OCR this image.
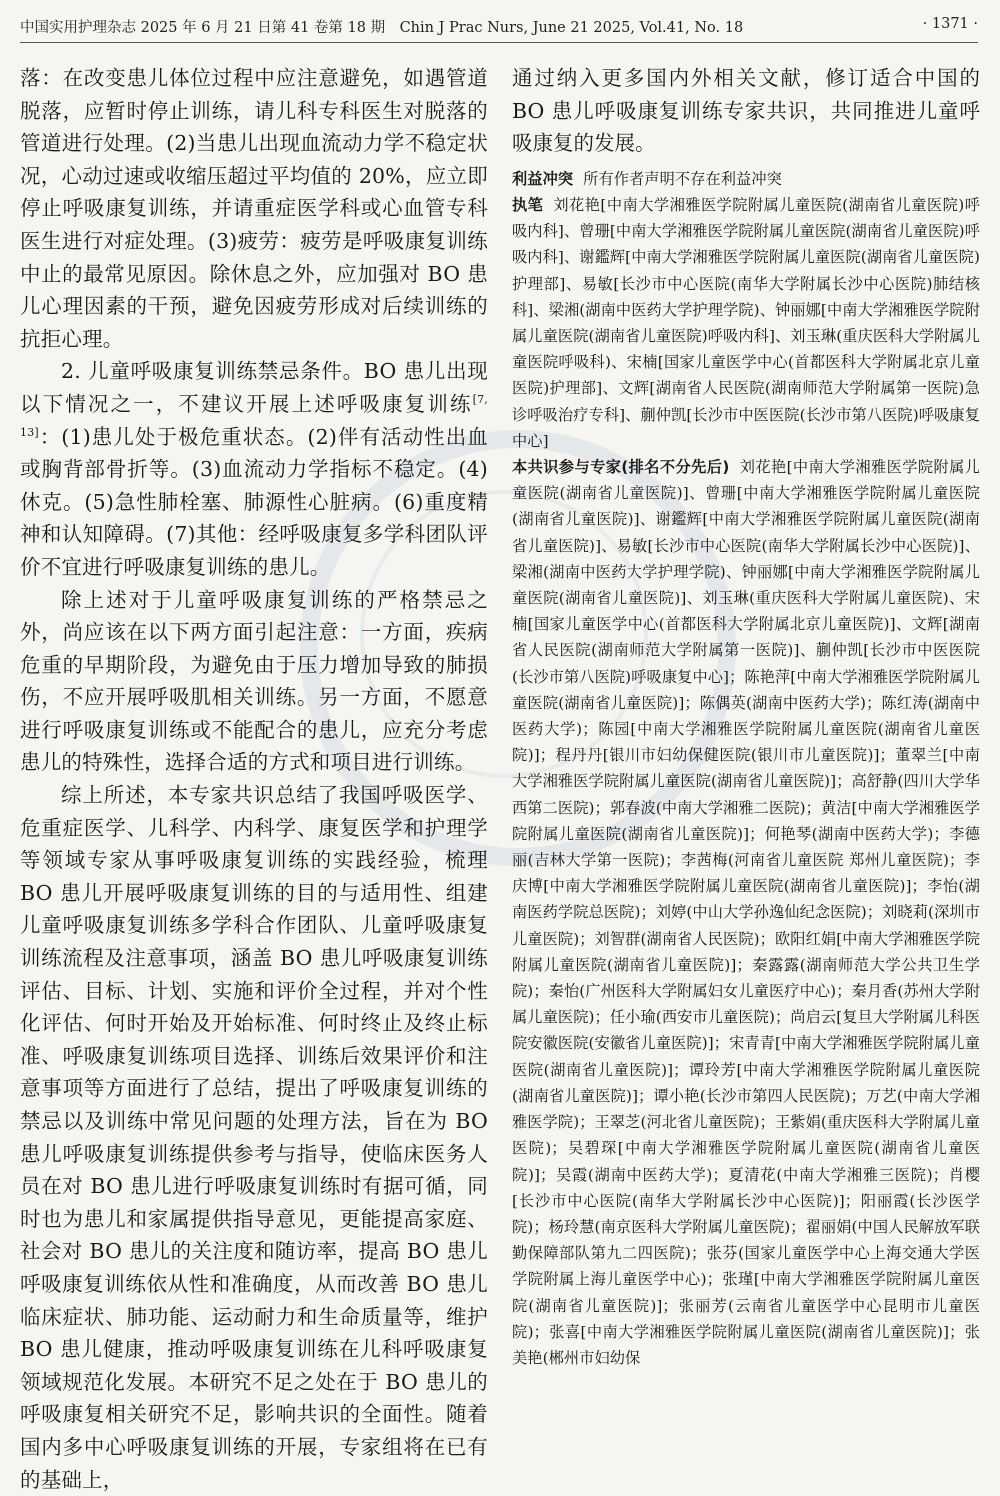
中国实用护理杂志 2025 年 6 月 21 日第 41 卷第 18 期　Chin J Prac Nurs, June 21 2025, Vol.41, No. 18	· 1371 ·

落：在改变患儿体位过程中应注意避免，如遇管道脱落，应暂时停止训练，请儿科专科医生对脱落的管道进行处理。(2)当患儿出现血流动力学不稳定状况，心动过速或收缩压超过平均值的 20%，应立即停止呼吸康复训练，并请重症医学科或心血管专科医生进行对症处理。(3)疲劳：疲劳是呼吸康复训练中止的最常见原因。除休息之外，应加强对 BO 患儿心理因素的干预，避免因疲劳形成对后续训练的抗拒心理。

2. 儿童呼吸康复训练禁忌条件。BO 患儿出现以下情况之一，不建议开展上述呼吸康复训练[7, 13]：(1)患儿处于极危重状态。(2)伴有活动性出血或胸背部骨折等。(3)血流动力学指标不稳定。(4)休克。(5)急性肺栓塞、肺源性心脏病。(6)重度精神和认知障碍。(7)其他：经呼吸康复多学科团队评价不宜进行呼吸康复训练的患儿。

除上述对于儿童呼吸康复训练的严格禁忌之外，尚应该在以下两方面引起注意：一方面，疾病危重的早期阶段，为避免由于压力增加导致的肺损伤，不应开展呼吸肌相关训练。另一方面，不愿意进行呼吸康复训练或不能配合的患儿，应充分考虑患儿的特殊性，选择合适的方式和项目进行训练。

综上所述，本专家共识总结了我国呼吸医学、危重症医学、儿科学、内科学、康复医学和护理学等领域专家从事呼吸康复训练的实践经验，梳理 BO 患儿开展呼吸康复训练的目的与适用性、组建儿童呼吸康复训练多学科合作团队、儿童呼吸康复训练流程及注意事项，涵盖 BO 患儿呼吸康复训练评估、目标、计划、实施和评价全过程，并对个性化评估、何时开始及开始标准、何时终止及终止标准、呼吸康复训练项目选择、训练后效果评价和注意事项等方面进行了总结，提出了呼吸康复训练的禁忌以及训练中常见问题的处理方法，旨在为 BO 患儿呼吸康复训练提供参考与指导，使临床医务人员在对 BO 患儿进行呼吸康复训练时有据可循，同时也为患儿和家属提供指导意见，更能提高家庭、社会对 BO 患儿的关注度和随访率，提高 BO 患儿呼吸康复训练依从性和准确度，从而改善 BO 患儿临床症状、肺功能、运动耐力和生命质量等，维护 BO 患儿健康，推动呼吸康复训练在儿科呼吸康复领域规范化发展。本研究不足之处在于 BO 患儿的呼吸康复相关研究不足，影响共识的全面性。随着国内多中心呼吸康复训练的开展，专家组将在已有的基础上，

通过纳入更多国内外相关文献，修订适合中国的 BO 患儿呼吸康复训练专家共识，共同推进儿童呼吸康复的发展。

利益冲突 所有作者声明不存在利益冲突

执笔 刘花艳[中南大学湘雅医学院附属儿童医院(湖南省儿童医院)呼吸内科]、曾珊[中南大学湘雅医学院附属儿童医院(湖南省儿童医院)呼吸内科]、谢鑑辉[中南大学湘雅医学院附属儿童医院(湖南省儿童医院)护理部]、易敏[长沙市中心医院(南华大学附属长沙中心医院)肺结核科]、梁湘(湖南中医药大学护理学院)、钟丽娜[中南大学湘雅医学院附属儿童医院(湖南省儿童医院)呼吸内科]、刘玉琳(重庆医科大学附属儿童医院呼吸科)、宋楠[国家儿童医学中心(首都医科大学附属北京儿童医院)护理部]、文辉[湖南省人民医院(湖南师范大学附属第一医院)急诊呼吸治疗专科]、蒯仲凯[长沙市中医医院(长沙市第八医院)呼吸康复中心]

本共识参与专家(排名不分先后) 刘花艳[中南大学湘雅医学院附属儿童医院(湖南省儿童医院)]、曾珊[中南大学湘雅医学院附属儿童医院(湖南省儿童医院)]、谢鑑辉[中南大学湘雅医学院附属儿童医院(湖南省儿童医院)]、易敏[长沙市中心医院(南华大学附属长沙中心医院)]、梁湘(湖南中医药大学护理学院)、钟丽娜[中南大学湘雅医学院附属儿童医院(湖南省儿童医院)]、刘玉琳(重庆医科大学附属儿童医院)、宋楠[国家儿童医学中心(首都医科大学附属北京儿童医院)]、文辉[湖南省人民医院(湖南师范大学附属第一医院)]、蒯仲凯[长沙市中医医院(长沙市第八医院)呼吸康复中心]；陈艳萍[中南大学湘雅医学院附属儿童医院(湖南省儿童医院)]；陈偶英(湖南中医药大学)；陈红涛(湖南中医药大学)；陈园[中南大学湘雅医学院附属儿童医院(湖南省儿童医院)]；程丹丹[银川市妇幼保健医院(银川市儿童医院)]；董翠兰[中南大学湘雅医学院附属儿童医院(湖南省儿童医院)]；高舒静(四川大学华西第二医院)；郭春波(中南大学湘雅二医院)；黄洁[中南大学湘雅医学院附属儿童医院(湖南省儿童医院)]；何艳琴(湖南中医药大学)；李德丽(吉林大学第一医院)；李茜梅(河南省儿童医院 郑州儿童医院)；李庆博[中南大学湘雅医学院附属儿童医院(湖南省儿童医院)]；李怡(湖南医药学院总医院)；刘婷(中山大学孙逸仙纪念医院)；刘晓莉(深圳市儿童医院)；刘智群(湖南省人民医院)；欧阳红娟[中南大学湘雅医学院附属儿童医院(湖南省儿童医院)]；秦露露(湖南师范大学公共卫生学院)；秦怡(广州医科大学附属妇女儿童医疗中心)；秦月香(苏州大学附属儿童医院)；任小瑜(西安市儿童医院)；尚启云[复旦大学附属儿科医院安徽医院(安徽省儿童医院)]；宋青青[中南大学湘雅医学院附属儿童医院(湖南省儿童医院)]；谭玲芳[中南大学湘雅医学院附属儿童医院(湖南省儿童医院)]；谭小艳(长沙市第四人民医院)；万艺(中南大学湘雅医学院)；王翠芝(河北省儿童医院)；王紫娟(重庆医科大学附属儿童医院)；吴碧琛[中南大学湘雅医学院附属儿童医院(湖南省儿童医院)]；吴霞(湖南中医药大学)；夏清花(中南大学湘雅三医院)；肖樱[长沙市中心医院(南华大学附属长沙中心医院)]；阳丽霞(长沙医学院)；杨玲慧(南京医科大学附属儿童医院)；翟丽娟(中国人民解放军联勤保障部队第九二四医院)；张芬(国家儿童医学中心上海交通大学医学院附属上海儿童医学中心)；张瑾[中南大学湘雅医学院附属儿童医院(湖南省儿童医院)]；张丽芳(云南省儿童医学中心昆明市儿童医院)；张喜[中南大学湘雅医学院附属儿童医院(湖南省儿童医院)]；张美艳(郴州市妇幼保
